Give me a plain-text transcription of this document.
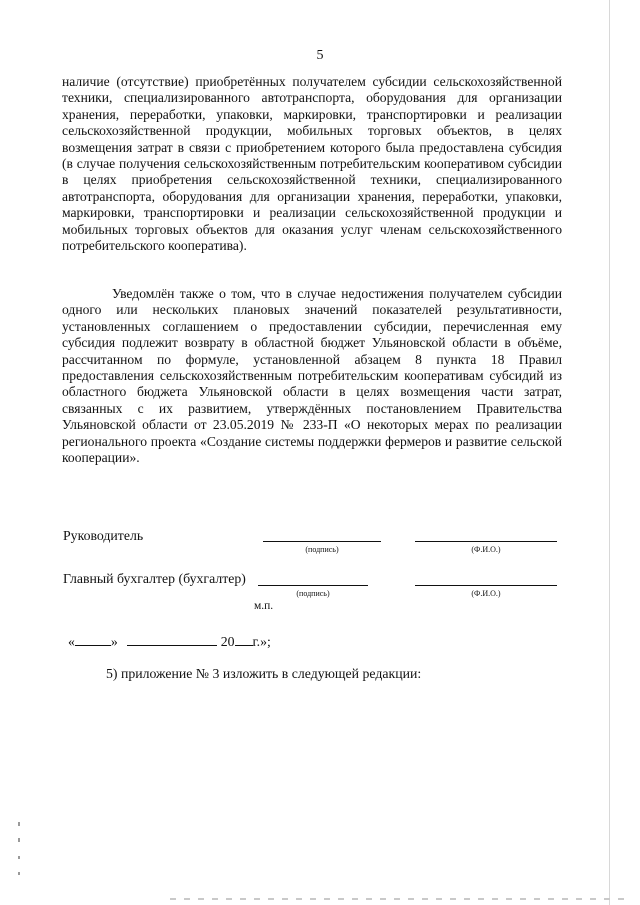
5

наличие (отсутствие) приобретённых получателем субсидии сельскохозяйственной техники, специализированного автотранспорта, оборудования для организации хранения, переработки, упаковки, маркировки, транспортировки и реализации сельскохозяйственной продукции, мобильных торговых объектов, в целях возмещения затрат в связи с приобретением которого была предоставлена субсидия (в случае получения сельскохозяйственным потребительским кооперативом субсидии в целях приобретения сельскохозяйственной техники, специализированного автотранспорта, оборудования для организации хранения, переработки, упаковки, маркировки, транспортировки и реализации сельскохозяйственной продукции и мобильных торговых объектов для оказания услуг членам сельскохозяйственного потребительского кооператива).

Уведомлён также о том, что в случае недостижения получателем субсидии одного или нескольких плановых значений показателей результативности, установленных соглашением о предоставлении субсидии, перечисленная ему субсидия подлежит возврату в областной бюджет Ульяновской области в объёме, рассчитанном по формуле, установленной абзацем 8 пункта 18 Правил предоставления сельскохозяйственным потребительским кооперативам субсидий из областного бюджета Ульяновской области в целях возмещения части затрат, связанных с их развитием, утверждённых постановлением Правительства Ульяновской области от 23.05.2019 № 233-П «О некоторых мерах по реализации регионального проекта «Создание системы поддержки фермеров и развитие сельской кооперации».

Руководитель
(подпись)	(Ф.И.О.)
Главный бухгалтер (бухгалтер)
(подпись)	(Ф.И.О.)
м.п.
«	»	20 г.»;
5) приложение № 3 изложить в следующей редакции:
